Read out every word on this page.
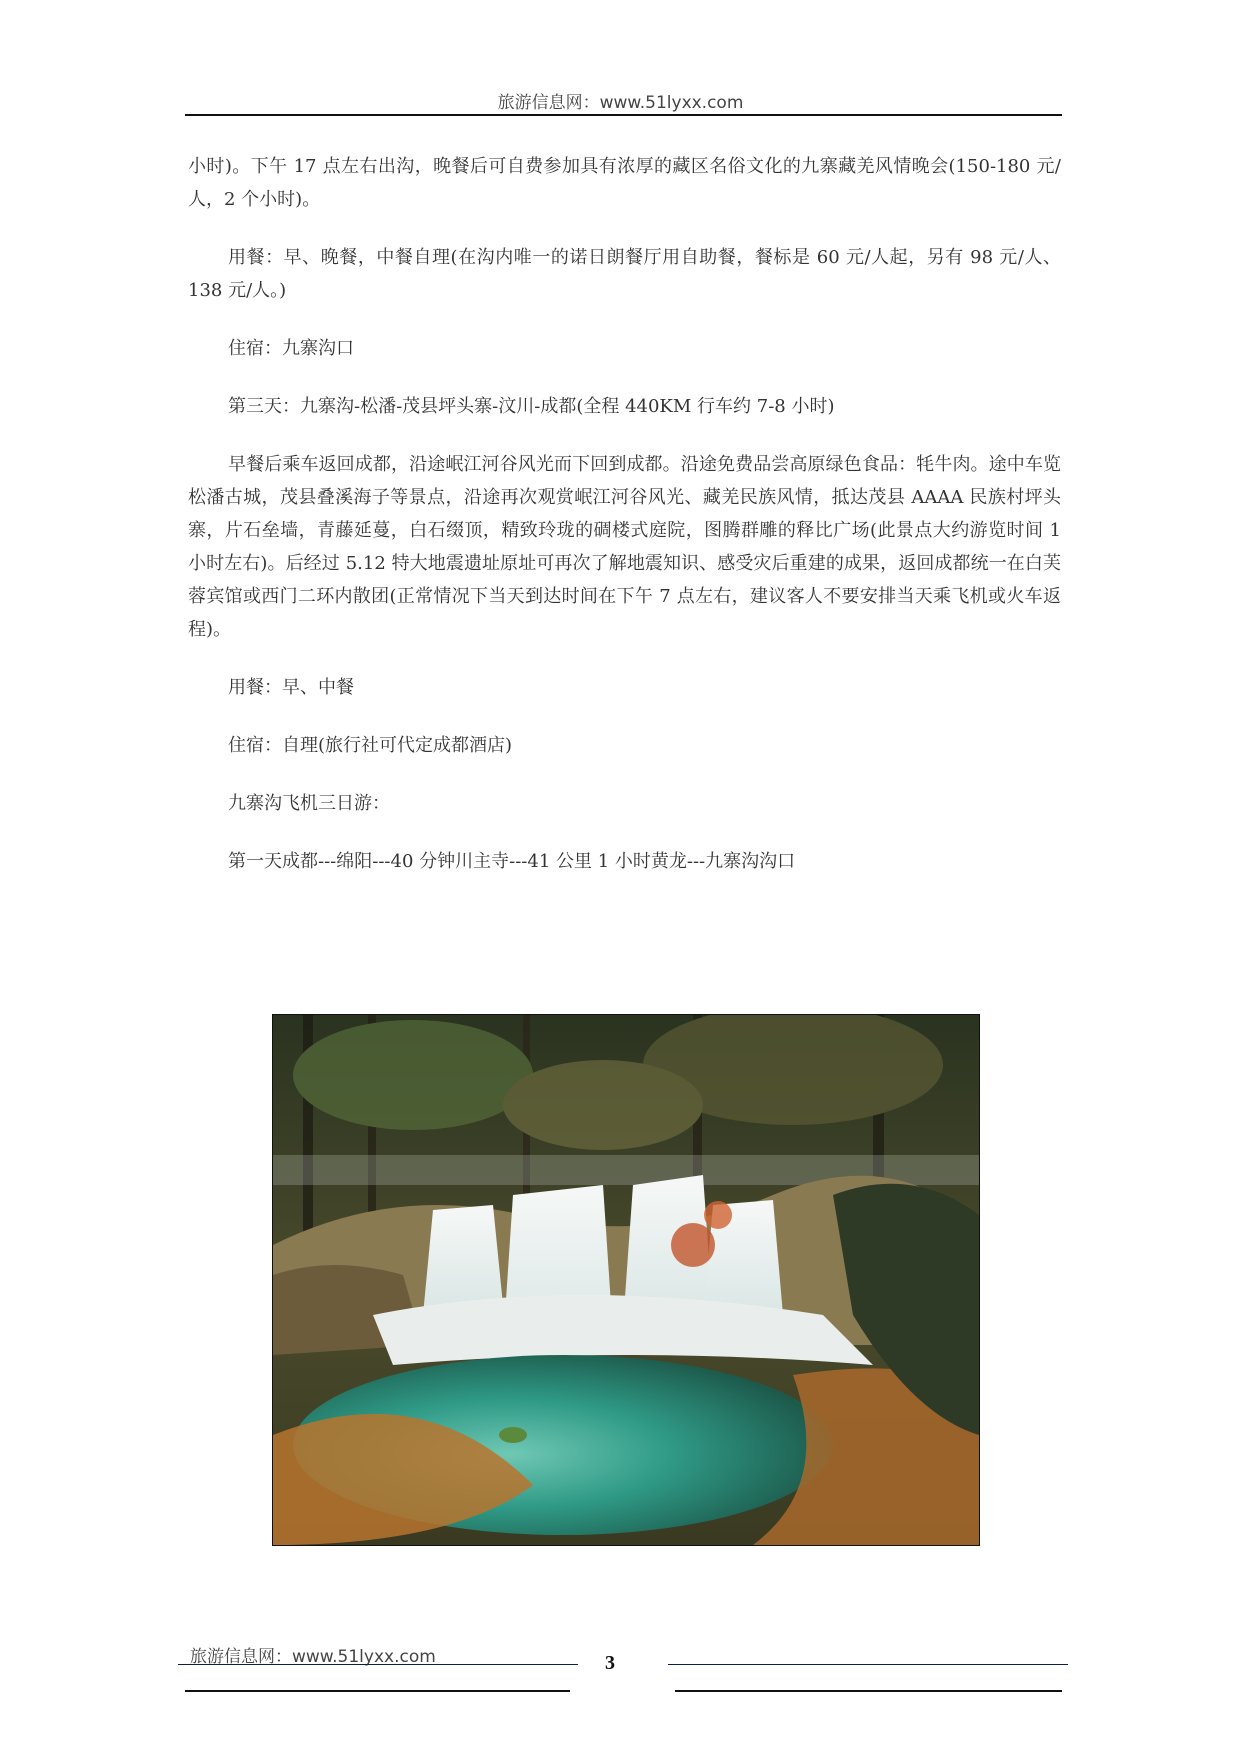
旅游信息网：www.51lyxx.com

小时)。下午 17 点左右出沟，晚餐后可自费参加具有浓厚的藏区名俗文化的九寨藏羌风情晚会(150-180 元/人，2 个小时)。

用餐：早、晚餐，中餐自理(在沟内唯一的诺日朗餐厅用自助餐，餐标是 60 元/人起，另有 98 元/人、138 元/人。)

住宿：九寨沟口

第三天：九寨沟-松潘-茂县坪头寨-汶川-成都(全程 440KM 行车约 7-8 小时)

早餐后乘车返回成都，沿途岷江河谷风光而下回到成都。沿途免费品尝高原绿色食品：牦牛肉。途中车览松潘古城，茂县叠溪海子等景点，沿途再次观赏岷江河谷风光、藏羌民族风情，抵达茂县 AAAA 民族村坪头寨，片石垒墙，青藤延蔓，白石缀顶，精致玲珑的碉楼式庭院，图腾群雕的释比广场(此景点大约游览时间 1 小时左右)。后经过 5.12 特大地震遗址原址可再次了解地震知识、感受灾后重建的成果，返回成都统一在白芙蓉宾馆或西门二环内散团(正常情况下当天到达时间在下午 7 点左右，建议客人不要安排当天乘飞机或火车返程)。

用餐：早、中餐

住宿：自理(旅行社可代定成都酒店)

九寨沟飞机三日游：

第一天成都---绵阳---40 分钟川主寺---41 公里 1 小时黄龙---九寨沟沟口

旅游信息网：www.51lyxx.com	3
